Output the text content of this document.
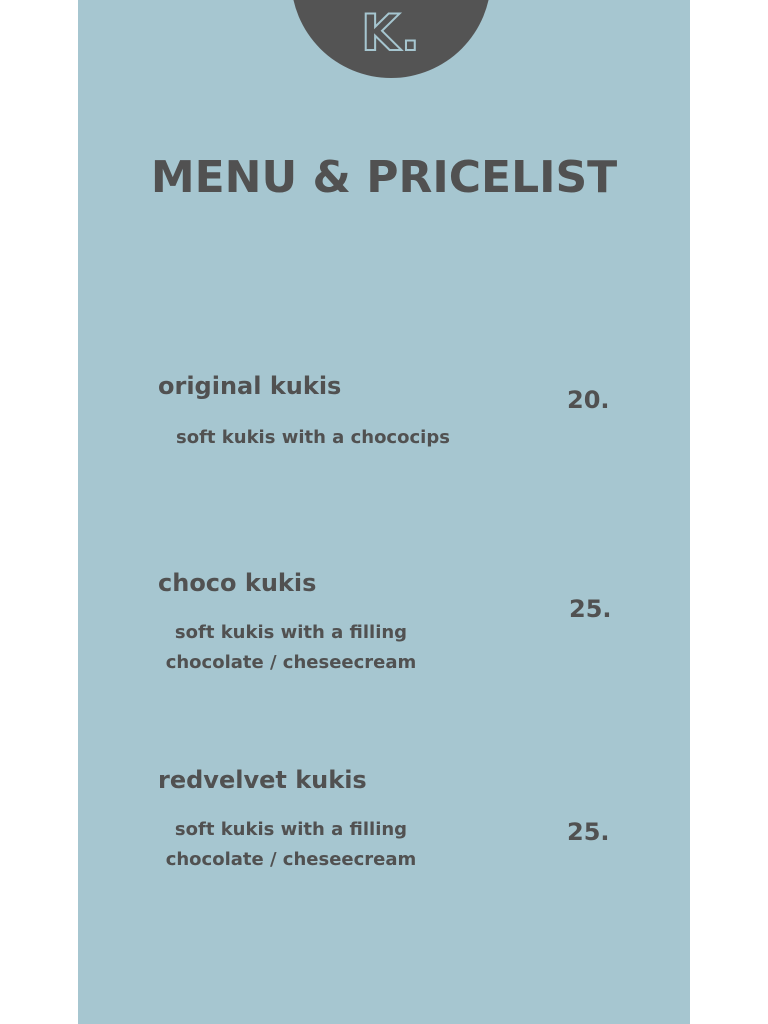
K.
MENU & PRICELIST
original kukis	20.
soft kukis with a chococips
choco kukis
25.
soft kukis with a filling
chocolate / cheseecream
redvelvet kukis
25.
soft kukis with a filling
chocolate / cheseecream
